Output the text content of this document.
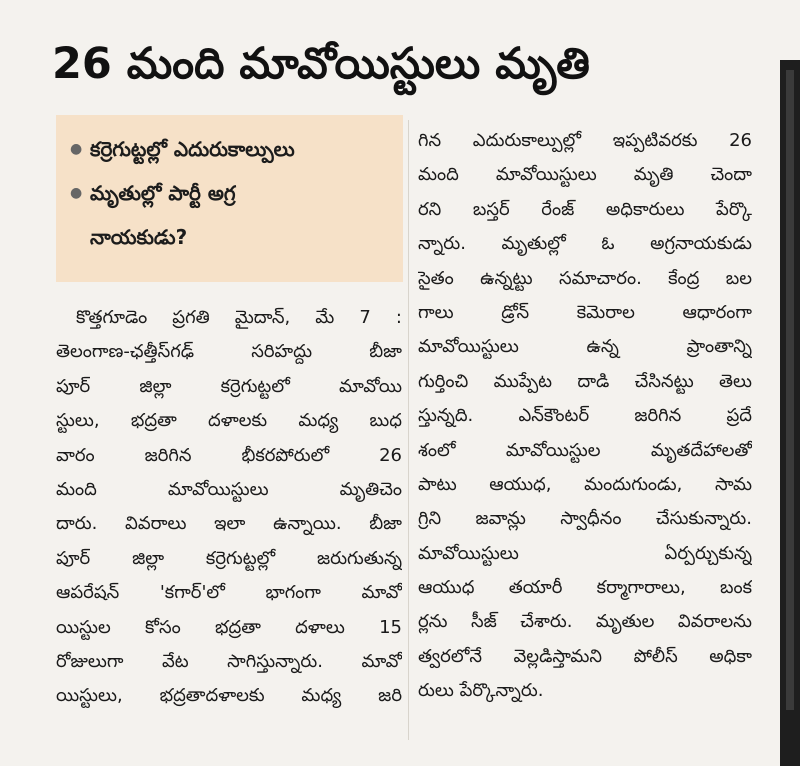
26 మంది మావోయిస్టులు మృతి
● కర్రెగుట్టల్లో ఎదురుకాల్పులు
● మృతుల్లో పార్టీ అగ్ర
నాయకుడు?
కొత్తగూడెం ప్రగతి మైదాన్‌, మే 7 :
తెలంగాణ-ఛత్తీస్‌గఢ్‌ సరిహద్దు బీజా
పూర్‌ జిల్లా కర్రెగుట్టలో మావోయి
స్టులు, భద్రతా దళాలకు మధ్య బుధ
వారం జరిగిన భీకరపోరులో 26
మంది మావోయిస్టులు మృతిచెం
దారు. వివరాలు ఇలా ఉన్నాయి. బీజా
పూర్‌ జిల్లా కర్రెగుట్టల్లో జరుగుతున్న
ఆపరేషన్‌ 'కగార్‌'లో భాగంగా మావో
యిస్టుల కోసం భద్రతా దళాలు 15
రోజులుగా వేట సాగిస్తున్నారు. మావో
యిస్టులు, భద్రతాదళాలకు మధ్య జరి
గిన ఎదురుకాల్పుల్లో ఇప్పటివరకు 26
మంది మావోయిస్టులు మృతి చెందా
రని బస్తర్‌ రేంజ్‌ అధికారులు పేర్కొ
న్నారు. మృతుల్లో ఓ అగ్రనాయకుడు
సైతం ఉన్నట్టు సమాచారం. కేంద్ర బల
గాలు డ్రోన్‌ కెమెరాల ఆధారంగా
మావోయిస్టులు ఉన్న ప్రాంతాన్ని
గుర్తించి ముప్పేట దాడి చేసినట్టు తెలు
స్తున్నది. ఎన్‌కౌంటర్‌ జరిగిన ప్రదే
శంలో మావోయిస్టుల మృతదేహాలతో
పాటు ఆయుధ, మందుగుండు, సామ
గ్రిని జవాన్లు స్వాధీనం చేసుకున్నారు.
మావోయిస్టులు ఏర్పర్చుకున్న
ఆయుధ తయారీ కర్మాగారాలు, బంక
ర్లను సీజ్‌ చేశారు. మృతుల వివరాలను
త్వరలోనే వెల్లడిస్తామని పోలీస్‌ అధికా
రులు పేర్కొన్నారు.
